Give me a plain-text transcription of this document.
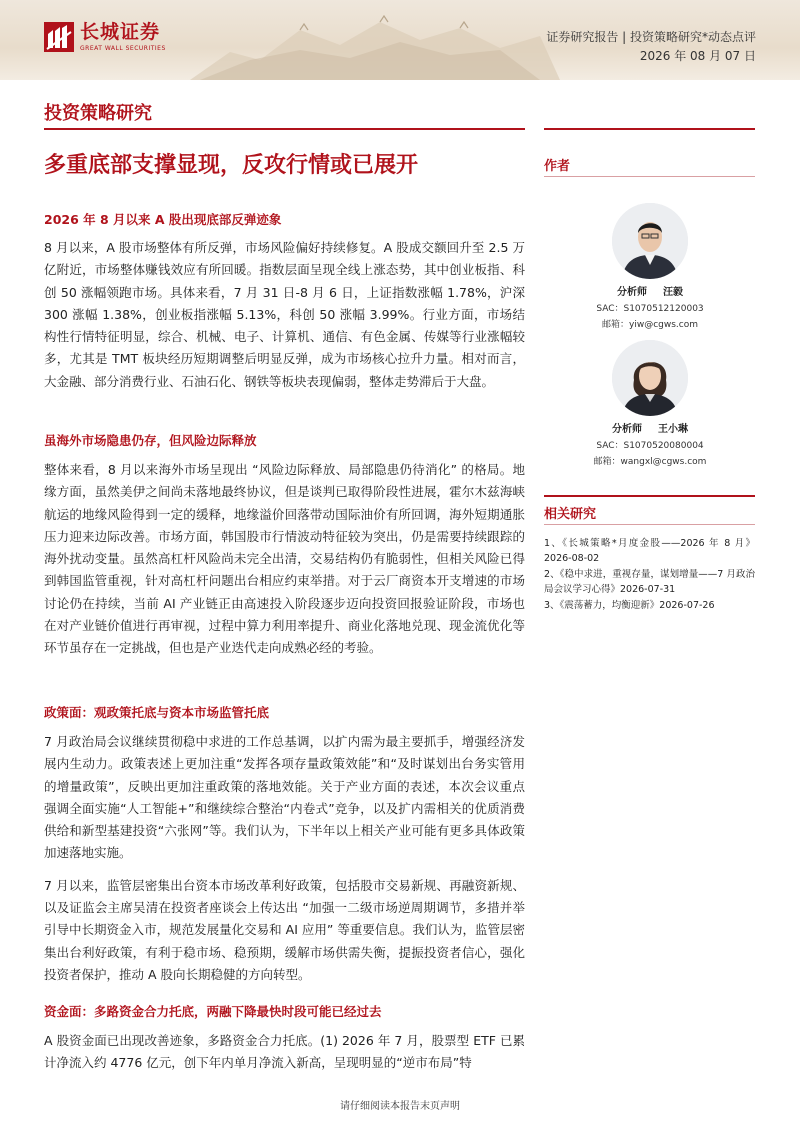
长城证券
GREAT WALL SECURITIES
证券研究报告 | 投资策略研究*动态点评
2026 年 08 月 07 日
投资策略研究
多重底部支撑显现，反攻行情或已展开
2026 年 8 月以来 A 股出现底部反弹迹象

8 月以来，A 股市场整体有所反弹，市场风险偏好持续修复。A 股成交额回升至 2.5 万亿附近，市场整体赚钱效应有所回暖。指数层面呈现全线上涨态势，其中创业板指、科创 50 涨幅领跑市场。具体来看，7 月 31 日-8 月 6 日，上证指数涨幅 1.78%，沪深 300 涨幅 1.38%，创业板指涨幅 5.13%，科创 50 涨幅 3.99%。行业方面，市场结构性行情特征明显，综合、机械、电子、计算机、通信、有色金属、传媒等行业涨幅较多，尤其是 TMT 板块经历短期调整后明显反弹，成为市场核心拉升力量。相对而言，大金融、部分消费行业、石油石化、钢铁等板块表现偏弱，整体走势滞后于大盘。

虽海外市场隐患仍存，但风险边际释放

整体来看，8 月以来海外市场呈现出 “风险边际释放、局部隐患仍待消化” 的格局。地缘方面，虽然美伊之间尚未落地最终协议，但是谈判已取得阶段性进展，霍尔木兹海峡航运的地缘风险得到一定的缓释，地缘溢价回落带动国际油价有所回调，海外短期通胀压力迎来边际改善。市场方面，韩国股市行情波动特征较为突出，仍是需要持续跟踪的海外扰动变量。虽然高杠杆风险尚未完全出清，交易结构仍有脆弱性，但相关风险已得到韩国监管重视，针对高杠杆问题出台相应约束举措。对于云厂商资本开支增速的市场讨论仍在持续，当前 AI 产业链正由高速投入阶段逐步迈向投资回报验证阶段，市场也在对产业链价值进行再审视，过程中算力利用率提升、商业化落地兑现、现金流优化等环节虽存在一定挑战，但也是产业迭代走向成熟必经的考验。

政策面：观政策托底与资本市场监管托底

7 月政治局会议继续贯彻稳中求进的工作总基调，以扩内需为最主要抓手，增强经济发展内生动力。政策表述上更加注重“发挥各项存量政策效能”和“及时谋划出台务实管用的增量政策”，反映出更加注重政策的落地效能。关于产业方面的表述，本次会议重点强调全面实施“人工智能+”和继续综合整治“内卷式”竞争，以及扩内需相关的优质消费供给和新型基建投资“六张网”等。我们认为，下半年以上相关产业可能有更多具体政策加速落地实施。

7 月以来，监管层密集出台资本市场改革利好政策，包括股市交易新规、再融资新规、以及证监会主席吴清在投资者座谈会上传达出 “加强一二级市场逆周期调节，多措并举引导中长期资金入市，规范发展量化交易和 AI 应用” 等重要信息。我们认为，监管层密集出台利好政策，有利于稳市场、稳预期，缓解市场供需失衡，提振投资者信心，强化投资者保护，推动 A 股向长期稳健的方向转型。

资金面：多路资金合力托底，两融下降最快时段可能已经过去

A 股资金面已出现改善迹象，多路资金合力托底。(1) 2026 年 7 月，股票型 ETF 已累计净流入约 4776 亿元，创下年内单月净流入新高，呈现明显的“逆市布局”特

作者
分析师 汪毅
SAC：S1070512120003
邮箱：yiw@cgws.com
分析师 王小琳
SAC：S1070520080004
邮箱：wangxl@cgws.com
相关研究
1、《长城策略*月度金股——2026 年 8 月》2026-08-02
2、《稳中求进，重视存量，谋划增量——7 月政治局会议学习心得》2026-07-31
3、《震荡蓄力，均衡迎新》2026-07-26
请仔细阅读本报告末页声明
